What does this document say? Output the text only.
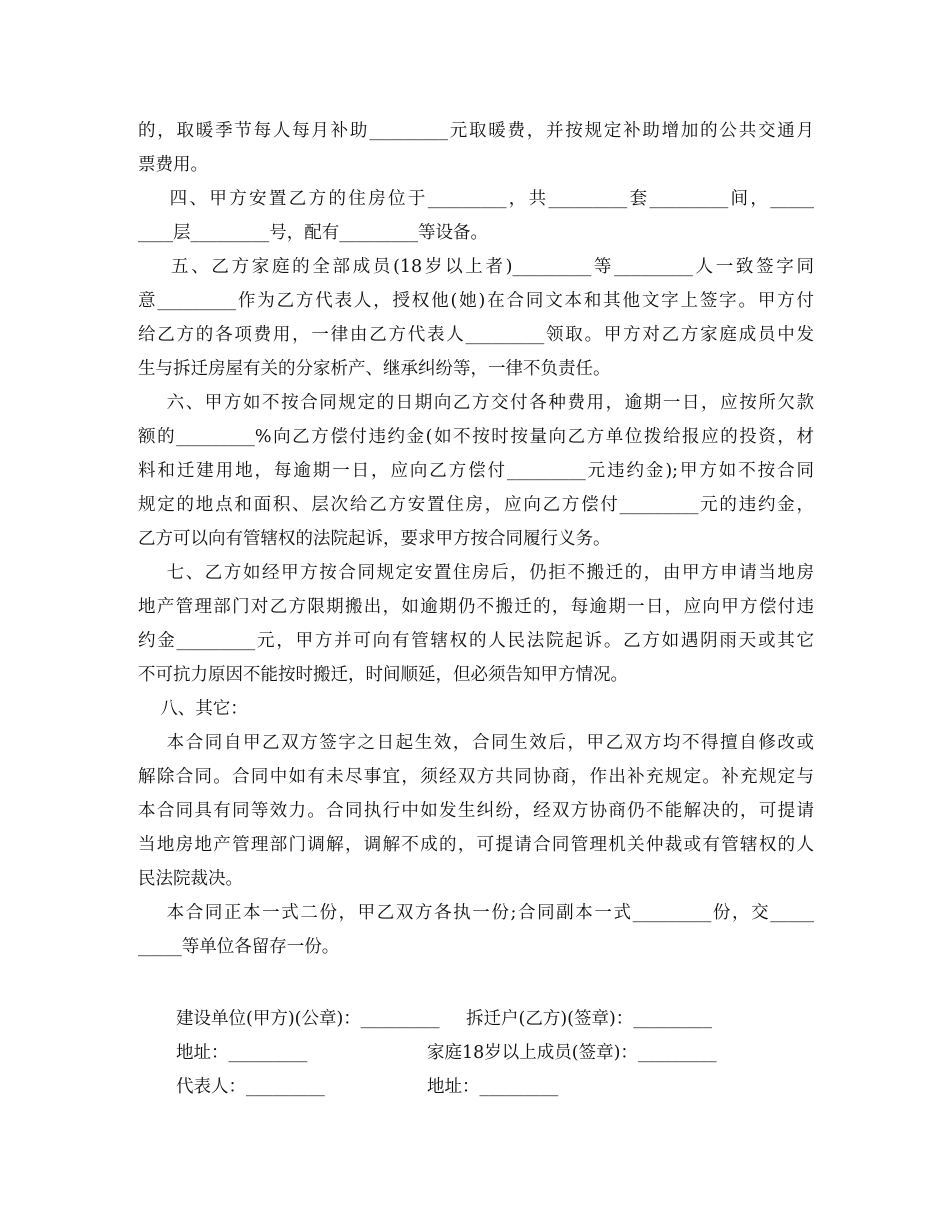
的，取暖季节每人每月补助_________元取暖费，并按规定补助增加的公共交通月
票费用。
四、甲方安置乙方的住房位于_________，共_________套_________间，_____
____层_________号，配有_________等设备。
五、乙方家庭的全部成员(18岁以上者)_________等_________人一致签字同
意_________作为乙方代表人，授权他(她)在合同文本和其他文字上签字。甲方付
给乙方的各项费用，一律由乙方代表人_________领取。甲方对乙方家庭成员中发
生与拆迁房屋有关的分家析产、继承纠纷等，一律不负责任。
六、甲方如不按合同规定的日期向乙方交付各种费用，逾期一日，应按所欠款
额的_________%向乙方偿付违约金(如不按时按量向乙方单位拨给报应的投资，材
料和迁建用地，每逾期一日，应向乙方偿付_________元违约金);甲方如不按合同
规定的地点和面积、层次给乙方安置住房，应向乙方偿付_________元的违约金，
乙方可以向有管辖权的法院起诉，要求甲方按合同履行义务。
七、乙方如经甲方按合同规定安置住房后，仍拒不搬迁的，由甲方申请当地房
地产管理部门对乙方限期搬出，如逾期仍不搬迁的，每逾期一日，应向甲方偿付违
约金_________元，甲方并可向有管辖权的人民法院起诉。乙方如遇阴雨天或其它
不可抗力原因不能按时搬迁，时间顺延，但必须告知甲方情况。
八、其它：
本合同自甲乙双方签字之日起生效，合同生效后，甲乙双方均不得擅自修改或
解除合同。合同中如有未尽事宜，须经双方共同协商，作出补充规定。补充规定与
本合同具有同等效力。合同执行中如发生纠纷，经双方协商仍不能解决的，可提请
当地房地产管理部门调解，调解不成的，可提请合同管理机关仲裁或有管辖权的人
民法院裁决。
本合同正本一式二份，甲乙双方各执一份;合同副本一式_________份，交_____
_____等单位各留存一份。
建设单位(甲方)(公章)：_________ 拆迁户(乙方)(签章)：_________
地址：_________	家庭18岁以上成员(签章)：_________
代表人：_________	地址：_________
